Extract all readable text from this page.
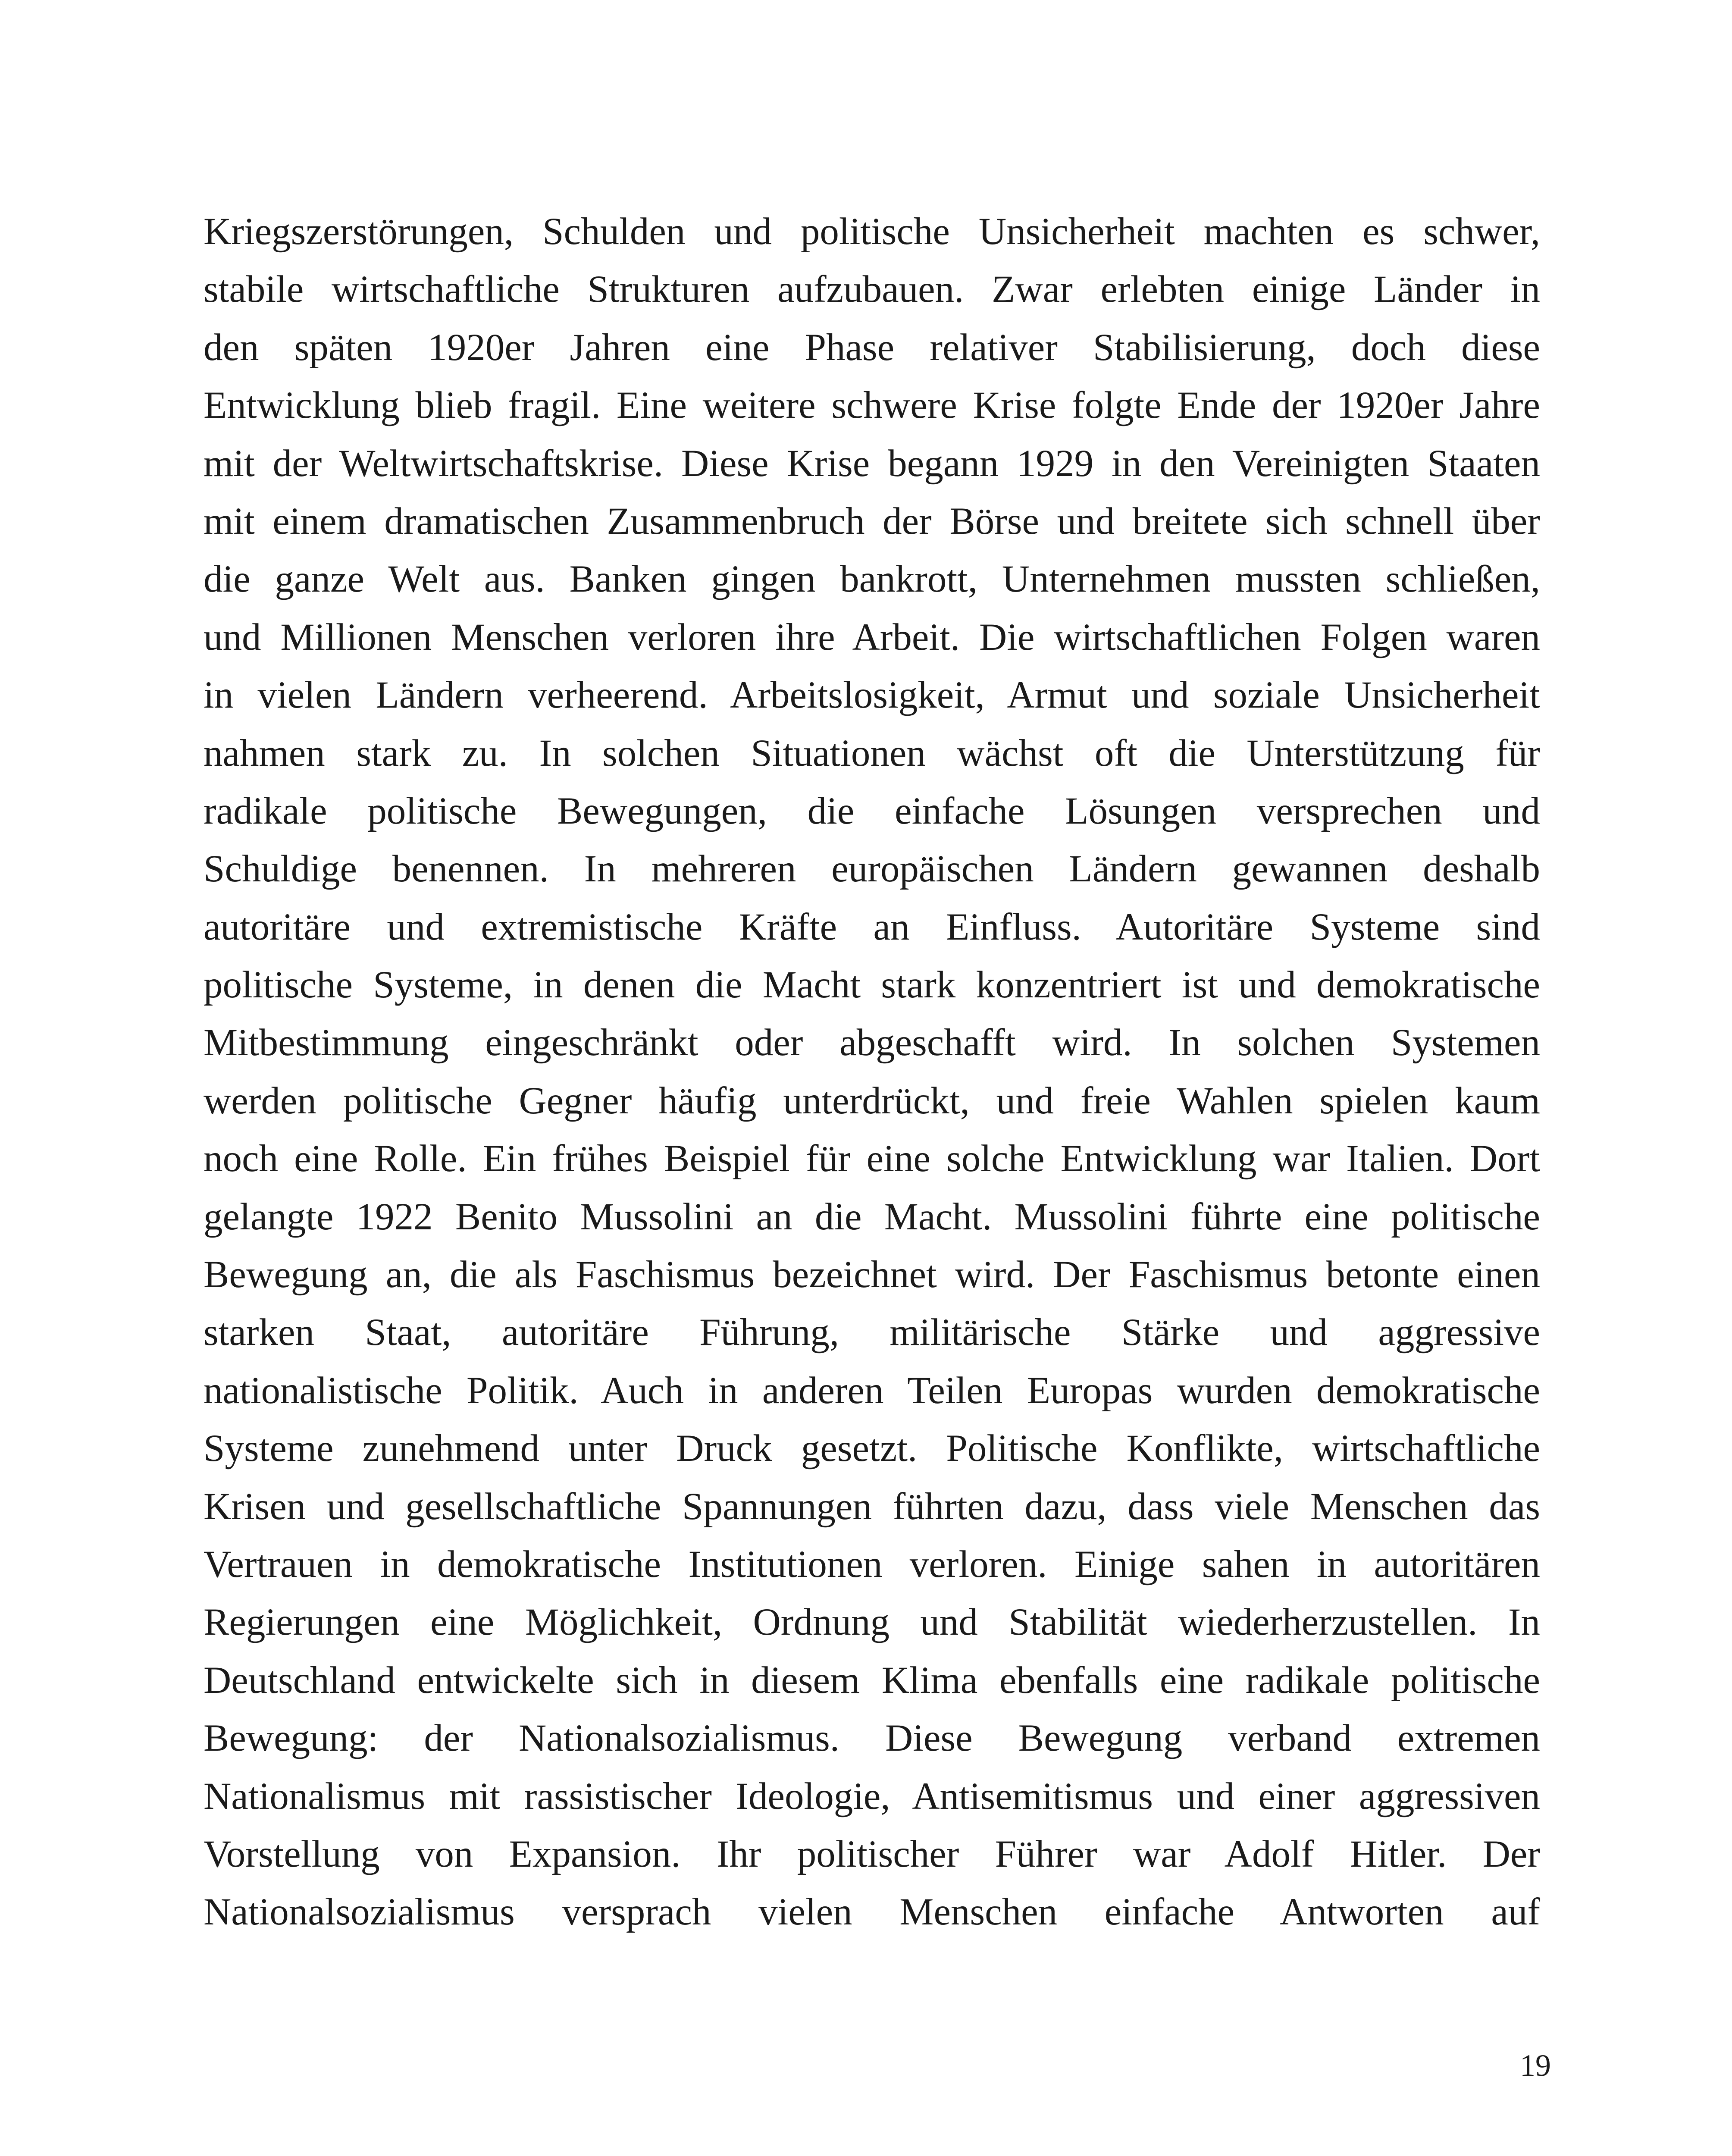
Kriegszerstörungen, Schulden und politische Unsicherheit machten es schwer,
stabile wirtschaftliche Strukturen aufzubauen. Zwar erlebten einige Länder in
den späten 1920er Jahren eine Phase relativer Stabilisierung, doch diese
Entwicklung blieb fragil. Eine weitere schwere Krise folgte Ende der 1920er Jahre
mit der Weltwirtschaftskrise. Diese Krise begann 1929 in den Vereinigten Staaten
mit einem dramatischen Zusammenbruch der Börse und breitete sich schnell über
die ganze Welt aus. Banken gingen bankrott, Unternehmen mussten schließen,
und Millionen Menschen verloren ihre Arbeit. Die wirtschaftlichen Folgen waren
in vielen Ländern verheerend. Arbeitslosigkeit, Armut und soziale Unsicherheit
nahmen stark zu. In solchen Situationen wächst oft die Unterstützung für
radikale politische Bewegungen, die einfache Lösungen versprechen und
Schuldige benennen. In mehreren europäischen Ländern gewannen deshalb
autoritäre und extremistische Kräfte an Einfluss. Autoritäre Systeme sind
politische Systeme, in denen die Macht stark konzentriert ist und demokratische
Mitbestimmung eingeschränkt oder abgeschafft wird. In solchen Systemen
werden politische Gegner häufig unterdrückt, und freie Wahlen spielen kaum
noch eine Rolle. Ein frühes Beispiel für eine solche Entwicklung war Italien. Dort
gelangte 1922 Benito Mussolini an die Macht. Mussolini führte eine politische
Bewegung an, die als Faschismus bezeichnet wird. Der Faschismus betonte einen
starken Staat, autoritäre Führung, militärische Stärke und aggressive
nationalistische Politik. Auch in anderen Teilen Europas wurden demokratische
Systeme zunehmend unter Druck gesetzt. Politische Konflikte, wirtschaftliche
Krisen und gesellschaftliche Spannungen führten dazu, dass viele Menschen das
Vertrauen in demokratische Institutionen verloren. Einige sahen in autoritären
Regierungen eine Möglichkeit, Ordnung und Stabilität wiederherzustellen. In
Deutschland entwickelte sich in diesem Klima ebenfalls eine radikale politische
Bewegung: der Nationalsozialismus. Diese Bewegung verband extremen
Nationalismus mit rassistischer Ideologie, Antisemitismus und einer aggressiven
Vorstellung von Expansion. Ihr politischer Führer war Adolf Hitler. Der
Nationalsozialismus versprach vielen Menschen einfache Antworten auf

19
